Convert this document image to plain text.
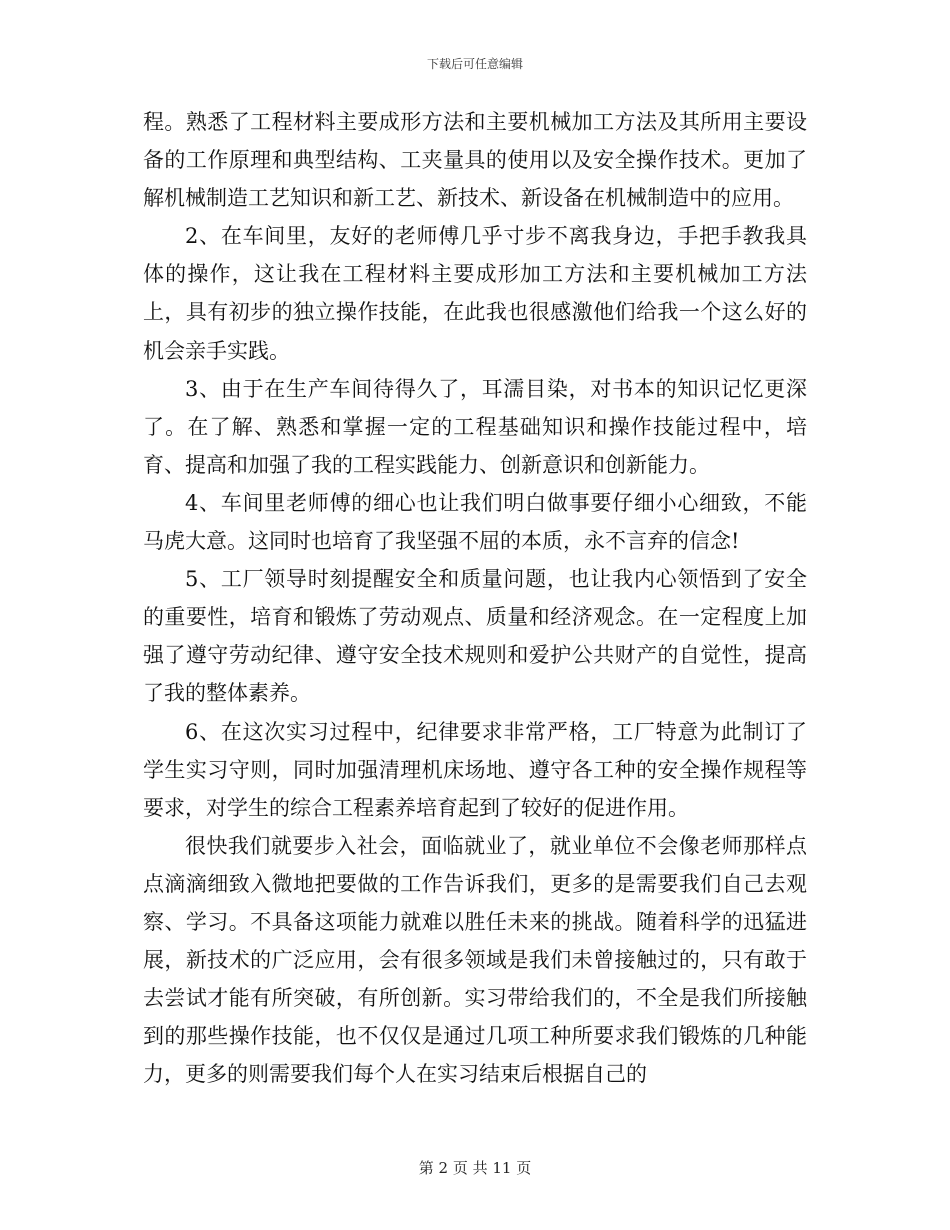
下载后可任意编辑

程。熟悉了工程材料主要成形方法和主要机械加工方法及其所用主要设备的工作原理和典型结构、工夹量具的使用以及安全操作技术。更加了解机械制造工艺知识和新工艺、新技术、新设备在机械制造中的应用。

2、在车间里，友好的老师傅几乎寸步不离我身边，手把手教我具体的操作，这让我在工程材料主要成形加工方法和主要机械加工方法上，具有初步的独立操作技能，在此我也很感激他们给我一个这么好的机会亲手实践。

3、由于在生产车间待得久了，耳濡目染，对书本的知识记忆更深了。在了解、熟悉和掌握一定的工程基础知识和操作技能过程中，培育、提高和加强了我的工程实践能力、创新意识和创新能力。

4、车间里老师傅的细心也让我们明白做事要仔细小心细致，不能马虎大意。这同时也培育了我坚强不屈的本质，永不言弃的信念!

5、工厂领导时刻提醒安全和质量问题，也让我内心领悟到了安全的重要性，培育和锻炼了劳动观点、质量和经济观念。在一定程度上加强了遵守劳动纪律、遵守安全技术规则和爱护公共财产的自觉性，提高了我的整体素养。

6、在这次实习过程中，纪律要求非常严格，工厂特意为此制订了学生实习守则，同时加强清理机床场地、遵守各工种的安全操作规程等要求，对学生的综合工程素养培育起到了较好的促进作用。

很快我们就要步入社会，面临就业了，就业单位不会像老师那样点点滴滴细致入微地把要做的工作告诉我们，更多的是需要我们自己去观察、学习。不具备这项能力就难以胜任未来的挑战。随着科学的迅猛进展，新技术的广泛应用，会有很多领域是我们未曾接触过的，只有敢于去尝试才能有所突破，有所创新。实习带给我们的，不全是我们所接触到的那些操作技能，也不仅仅是通过几项工种所要求我们锻炼的几种能力，更多的则需要我们每个人在实习结束后根据自己的

第 2 页 共 11 页
